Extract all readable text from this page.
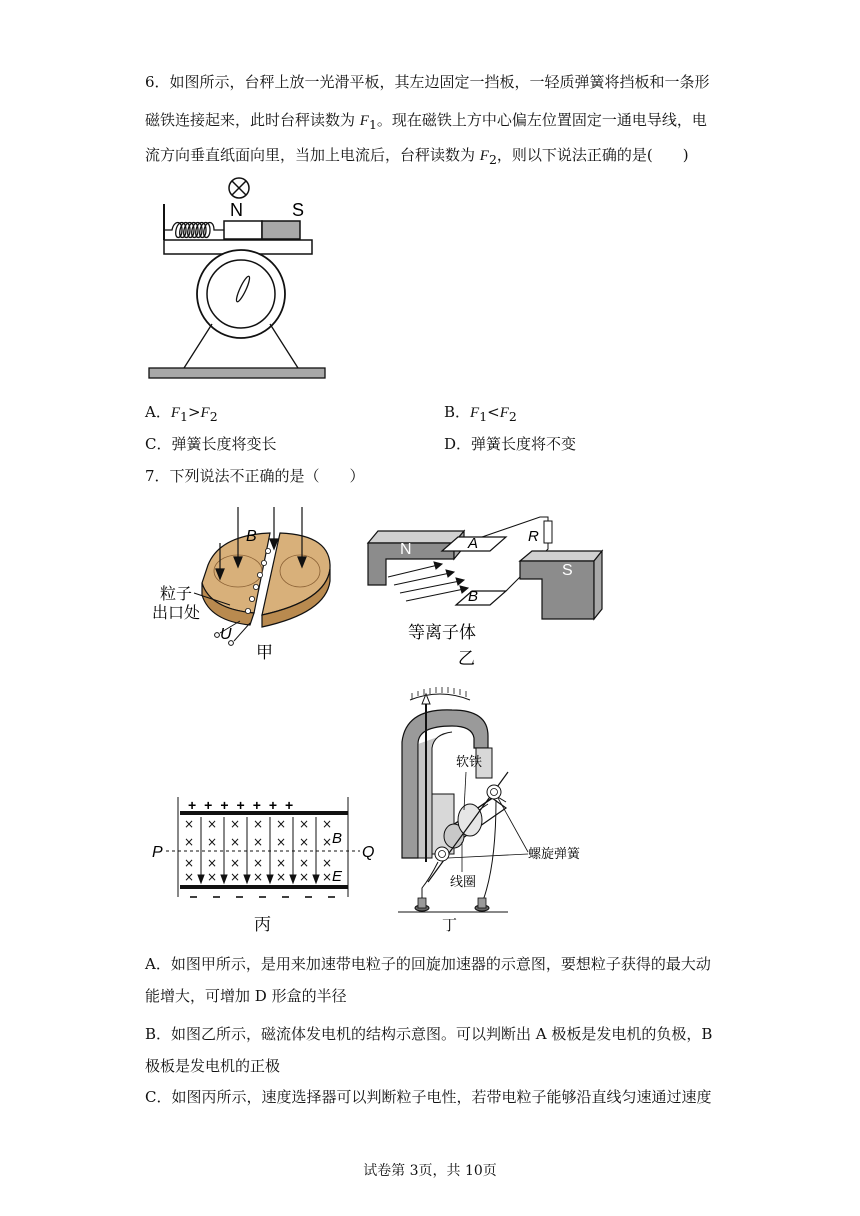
6．如图所示，台秤上放一光滑平板，其左边固定一挡板，一轻质弹簧将挡板和一条形
磁铁连接起来，此时台秤读数为 $F_1$。现在磁铁上方中心偏左位置固定一通电导线，电
流方向垂直纸面向里，当加上电流后，台秤读数为 $F_2$，则以下说法正确的是(　　)
N	S
A．$F_1>F_2$	B．$F_1<F_2$
C．弹簧长度将变长	D．弹簧长度将不变
7．下列说法不正确的是（　　）
B
粒子
出口处
U
甲
N	A
B
R
S
等离子体
乙
+++++++
× × × × × × ×
× × × × × × ×
× × × × × × ×
× × × × × × ×
P	Q
B
E
丙
软铁
螺旋弹簧
线圈
丁
A．如图甲所示，是用来加速带电粒子的回旋加速器的示意图，要想粒子获得的最大动
能增大，可增加 D 形盒的半径
B．如图乙所示，磁流体发电机的结构示意图。可以判断出 A 极板是发电机的负极，B
极板是发电机的正极
C．如图丙所示，速度选择器可以判断粒子电性，若带电粒子能够沿直线匀速通过速度
试卷第 3页，共 10页
